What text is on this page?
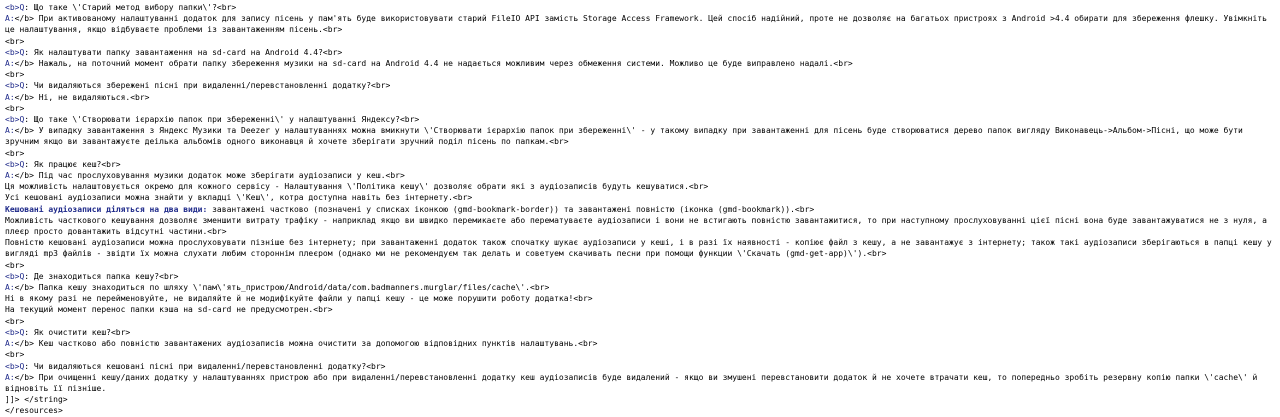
<b>Q: Що таке \'Старий метод вибору папки\'?<br>
A:</b> При активованому налаштуванні додаток для запису пісень у пам'ять буде використовувати старий FileIO API замість Storage Access Framework. Цей спосіб надійний, проте не дозволяє на багатьох пристроях з Android >4.4 обирати для збереження флешку. Увімкніть це налаштування, якщо відбуваєте проблеми із завантаженням пісень.<br>
<br>
<b>Q: Як налаштувати папку завантаження на sd-card на Android 4.4?<br>
A:</b> Нажаль, на поточний момент обрати папку збереження музики на sd-card на Android 4.4 не надається можливим через обмеження системи. Можливо це буде виправлено надалі.<br>
<br>
<b>Q: Чи видаляються збережені пісні при видаленні/перевстановленні додатку?<br>
A:</b> Ні, не видаляються.<br>
<br>
<b>Q: Що таке \'Створювати ієрархію папок при збереженні\' у налаштуванні Яндексу?<br>
A:</b> У випадку завантаження з Яндекс Музики та Deezer у налаштуваннях можна вмикнути \'Створювати ієрархію папок при збереженні\' - у такому випадку при завантаженні для пісень буде створюватися дерево папок вигляду Виконавець->Альбом->Пісні, що може бути зручним якщо ви завантажуєте деілька альбомів одного виконавця й хочете зберігати зручний поділ пісень по папкам.<br>
<br>
<b>Q: Як працює кеш?<br>
A:</b> Під час прослуховування музики додаток може зберігати аудіозаписи у кеш.<br>
Ця можливість налаштовується окремо для кожного сервісу - Налаштування \'Політика кешу\' дозволяє обрати які з аудіозаписів будуть кешуватися.<br>
Усі кешовані аудіозаписи можна знайти у вкладці \'Кеш\', котра доступна навіть без інтернету.<br>
Кешовані аудіозаписи діляться на два види: завантажені частково (позначені у списках іконкою (gmd-bookmark-border)) та завантажені повністю (іконка (gmd-bookmark)).<br>
Можливість часткового кешування дозволяє зменшити витрату трафіку - наприклад якщо ви швидко перемикаєте або перематуваєте аудіозаписи і вони не встигають повністю завантажитися, то при наступному прослуховуванні цієї пісні вона буде завантажуватися не з нуля, а плеєр просто довантажить відсутні частини.<br>
Повністю кешовані аудіозаписи можна прослуховувати пізніше без інтернету; при завантаженні додаток також спочатку шукає аудіозаписи у кеші, і в разі їх наявності - копіює файл з кешу, а не завантажує з інтернету; також такі аудіозаписи зберігаються в папці кешу у вигляді mp3 файлів - звідти їх можна слухати любим стороннім плеєром (однако ми не рекомендуєм так делать и советуем скачивать песни при помощи функции \'Скачать (gmd-get-app)\').<br>
<br>
<b>Q: Де знаходиться папка кешу?<br>
A:</b> Папка кешу знаходиться по шляху \'пам\'ять_пристрою/Android/data/com.badmanners.murglar/files/cache\'.<br>
Ні в якому разі не перейменовуйте, не видаляйте й не модифікуйте файли у папці кешу - це може порушити роботу додатка!<br>
На текущий момент перенос папки кэша на sd-card не предусмотрен.<br>
<br>
<b>Q: Як очистити кеш?<br>
A:</b> Кеш частково або повністю завантажених аудіозаписів можна очистити за допомогою відповідних пунктів налаштувань.<br>
<br>
<b>Q: Чи видаляються кешовані пісні при видаленні/перевстановленні додатку?<br>
A:</b> При очищенні кешу/даних додатку у налаштуваннях пристрою або при видаленні/перевстановленні додатку кеш аудіозаписів буде видалений - якщо ви змушені перевстановити додаток й не хочете втрачати кеш, то попередньо зробіть резервну копію папки \'cache\' й відновіть її пізніше.
]]> </string>
</resources>
